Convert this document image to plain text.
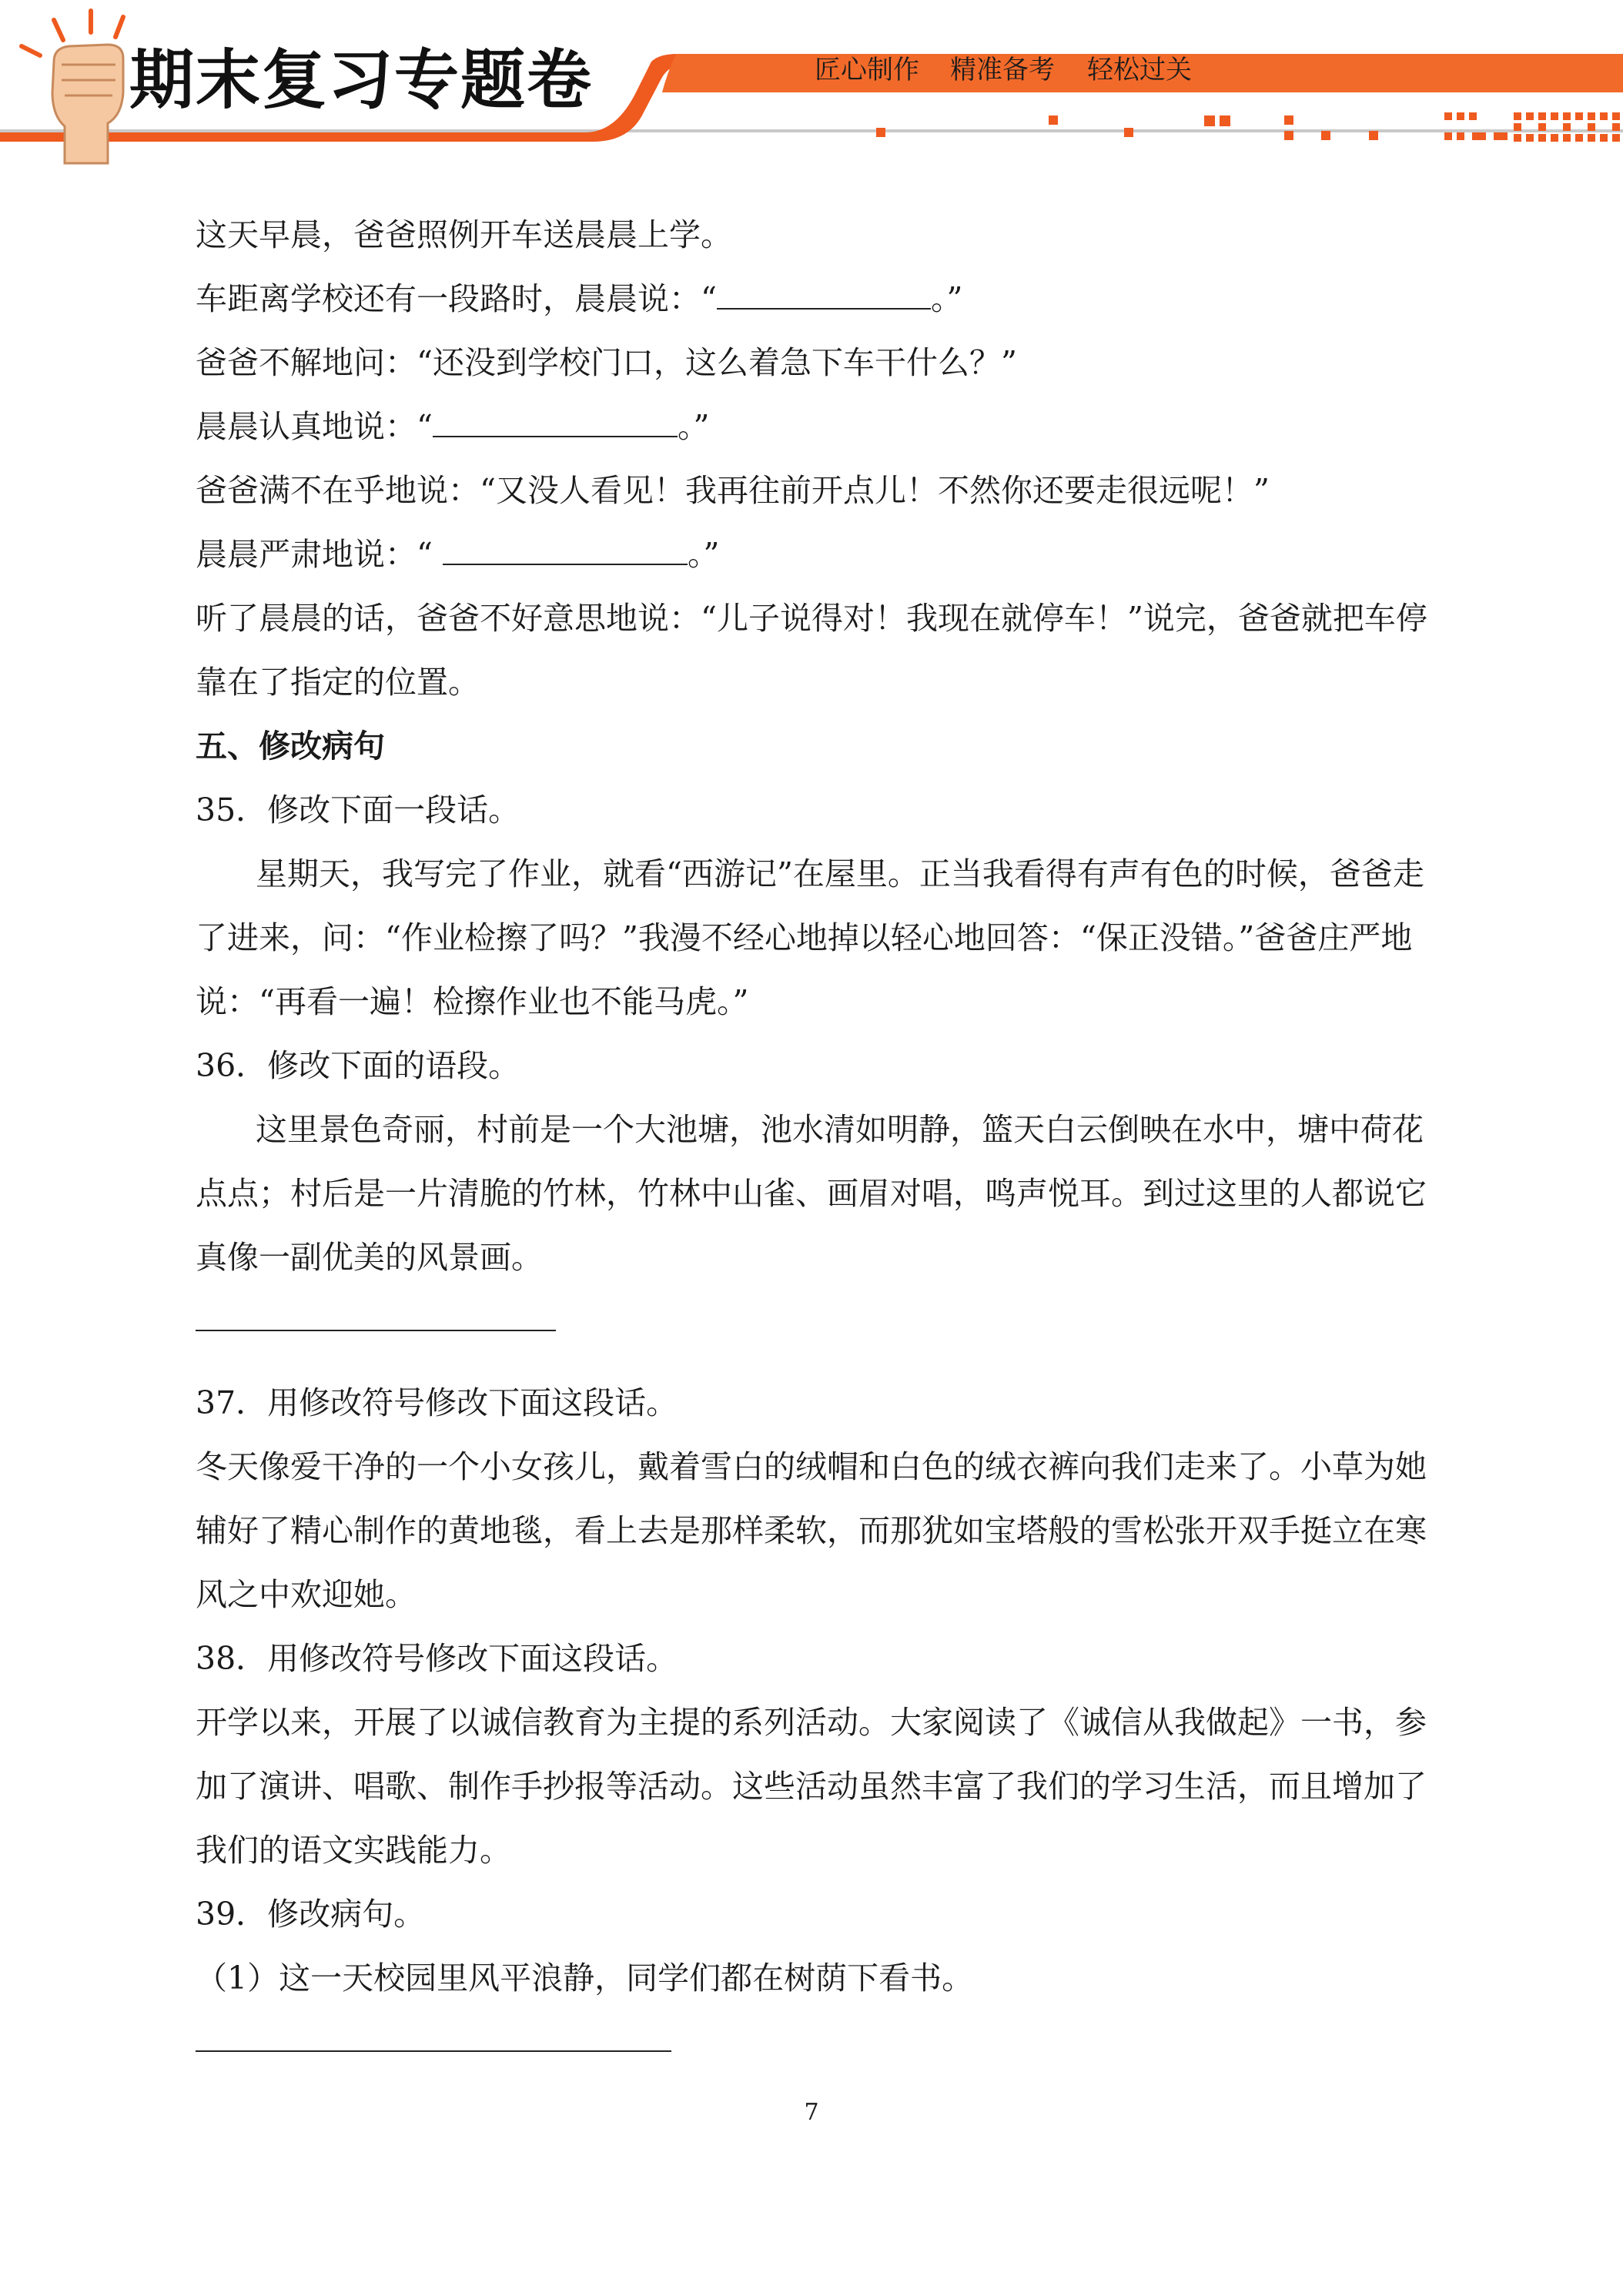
期末复习专题卷	匠心制作 精准备考 轻松过关
这天早晨，爸爸照例开车送晨晨上学。
车距离学校还有一段路时，晨晨说：“	。”
爸爸不解地问：“还没到学校门口，这么着急下车干什么？”
晨晨认真地说：“	。”
爸爸满不在乎地说：“又没人看见！我再往前开点儿！不然你还要走很远呢！”
晨晨严肃地说：“	。”
听了晨晨的话，爸爸不好意思地说：“儿子说得对！我现在就停车！”说完，爸爸就把车停靠在了指定的位置。
五、修改病句
35．修改下面一段话。
星期天，我写完了作业，就看“西游记”在屋里。正当我看得有声有色的时候，爸爸走了进来，问：“作业检擦了吗？”我漫不经心地掉以轻心地回答：“保正没错。”爸爸庄严地说：“再看一遍！检擦作业也不能马虎。”
36．修改下面的语段。
这里景色奇丽，村前是一个大池塘，池水清如明静，篮天白云倒映在水中，塘中荷花点点；村后是一片清脆的竹林，竹林中山雀、画眉对唱，鸣声悦耳。到过这里的人都说它真像一副优美的风景画。
37．用修改符号修改下面这段话。
冬天像爱干净的一个小女孩儿，戴着雪白的绒帽和白色的绒衣裤向我们走来了。小草为她辅好了精心制作的黄地毯，看上去是那样柔软，而那犹如宝塔般的雪松张开双手挺立在寒风之中欢迎她。
38．用修改符号修改下面这段话。
开学以来，开展了以诚信教育为主提的系列活动。大家阅读了《诚信从我做起》一书，参加了演讲、唱歌、制作手抄报等活动。这些活动虽然丰富了我们的学习生活，而且增加了我们的语文实践能力。
39．修改病句。
（1）这一天校园里风平浪静，同学们都在树荫下看书。
7
